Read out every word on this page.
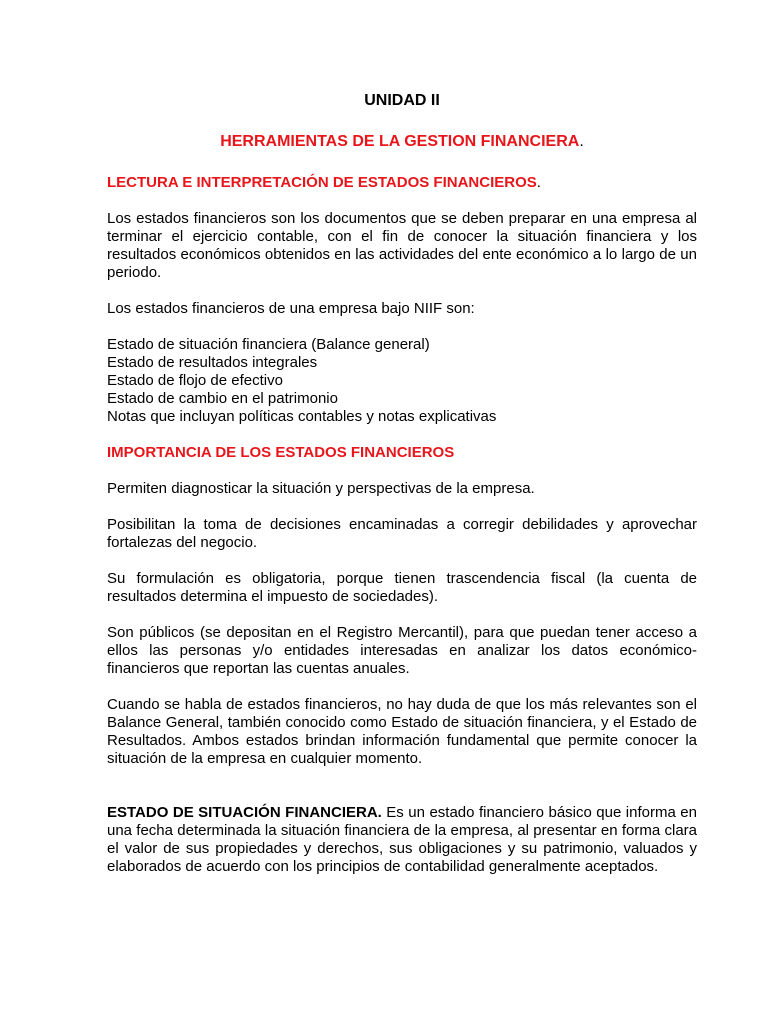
UNIDAD II
HERRAMIENTAS DE LA GESTION FINANCIERA.
LECTURA E INTERPRETACIÓN DE ESTADOS FINANCIEROS.

Los estados financieros son los documentos que se deben preparar en una empresa al terminar el ejercicio contable, con el fin de conocer la situación financiera y los resultados económicos obtenidos en las actividades del ente económico a lo largo de un periodo.

Los estados financieros de una empresa bajo NIIF son:

Estado de situación financiera (Balance general)
Estado de resultados integrales
Estado de flojo de efectivo
Estado de cambio en el patrimonio
Notas que incluyan políticas contables y notas explicativas
IMPORTANCIA DE LOS ESTADOS FINANCIEROS

Permiten diagnosticar la situación y perspectivas de la empresa.

Posibilitan la toma de decisiones encaminadas a corregir debilidades y aprovechar fortalezas del negocio.

Su formulación es obligatoria, porque tienen trascendencia fiscal (la cuenta de resultados determina el impuesto de sociedades).

Son públicos (se depositan en el Registro Mercantil), para que puedan tener acceso a ellos las personas y/o entidades interesadas en analizar los datos económico-financieros que reportan las cuentas anuales.

Cuando se habla de estados financieros, no hay duda de que los más relevantes son el Balance General, también conocido como Estado de situación financiera, y el Estado de Resultados. Ambos estados brindan información fundamental que permite conocer la situación de la empresa en cualquier momento.

ESTADO DE SITUACIÓN FINANCIERA. Es un estado financiero básico que informa en una fecha determinada la situación financiera de la empresa, al presentar en forma clara el valor de sus propiedades y derechos, sus obligaciones y su patrimonio, valuados y elaborados de acuerdo con los principios de contabilidad generalmente aceptados.
